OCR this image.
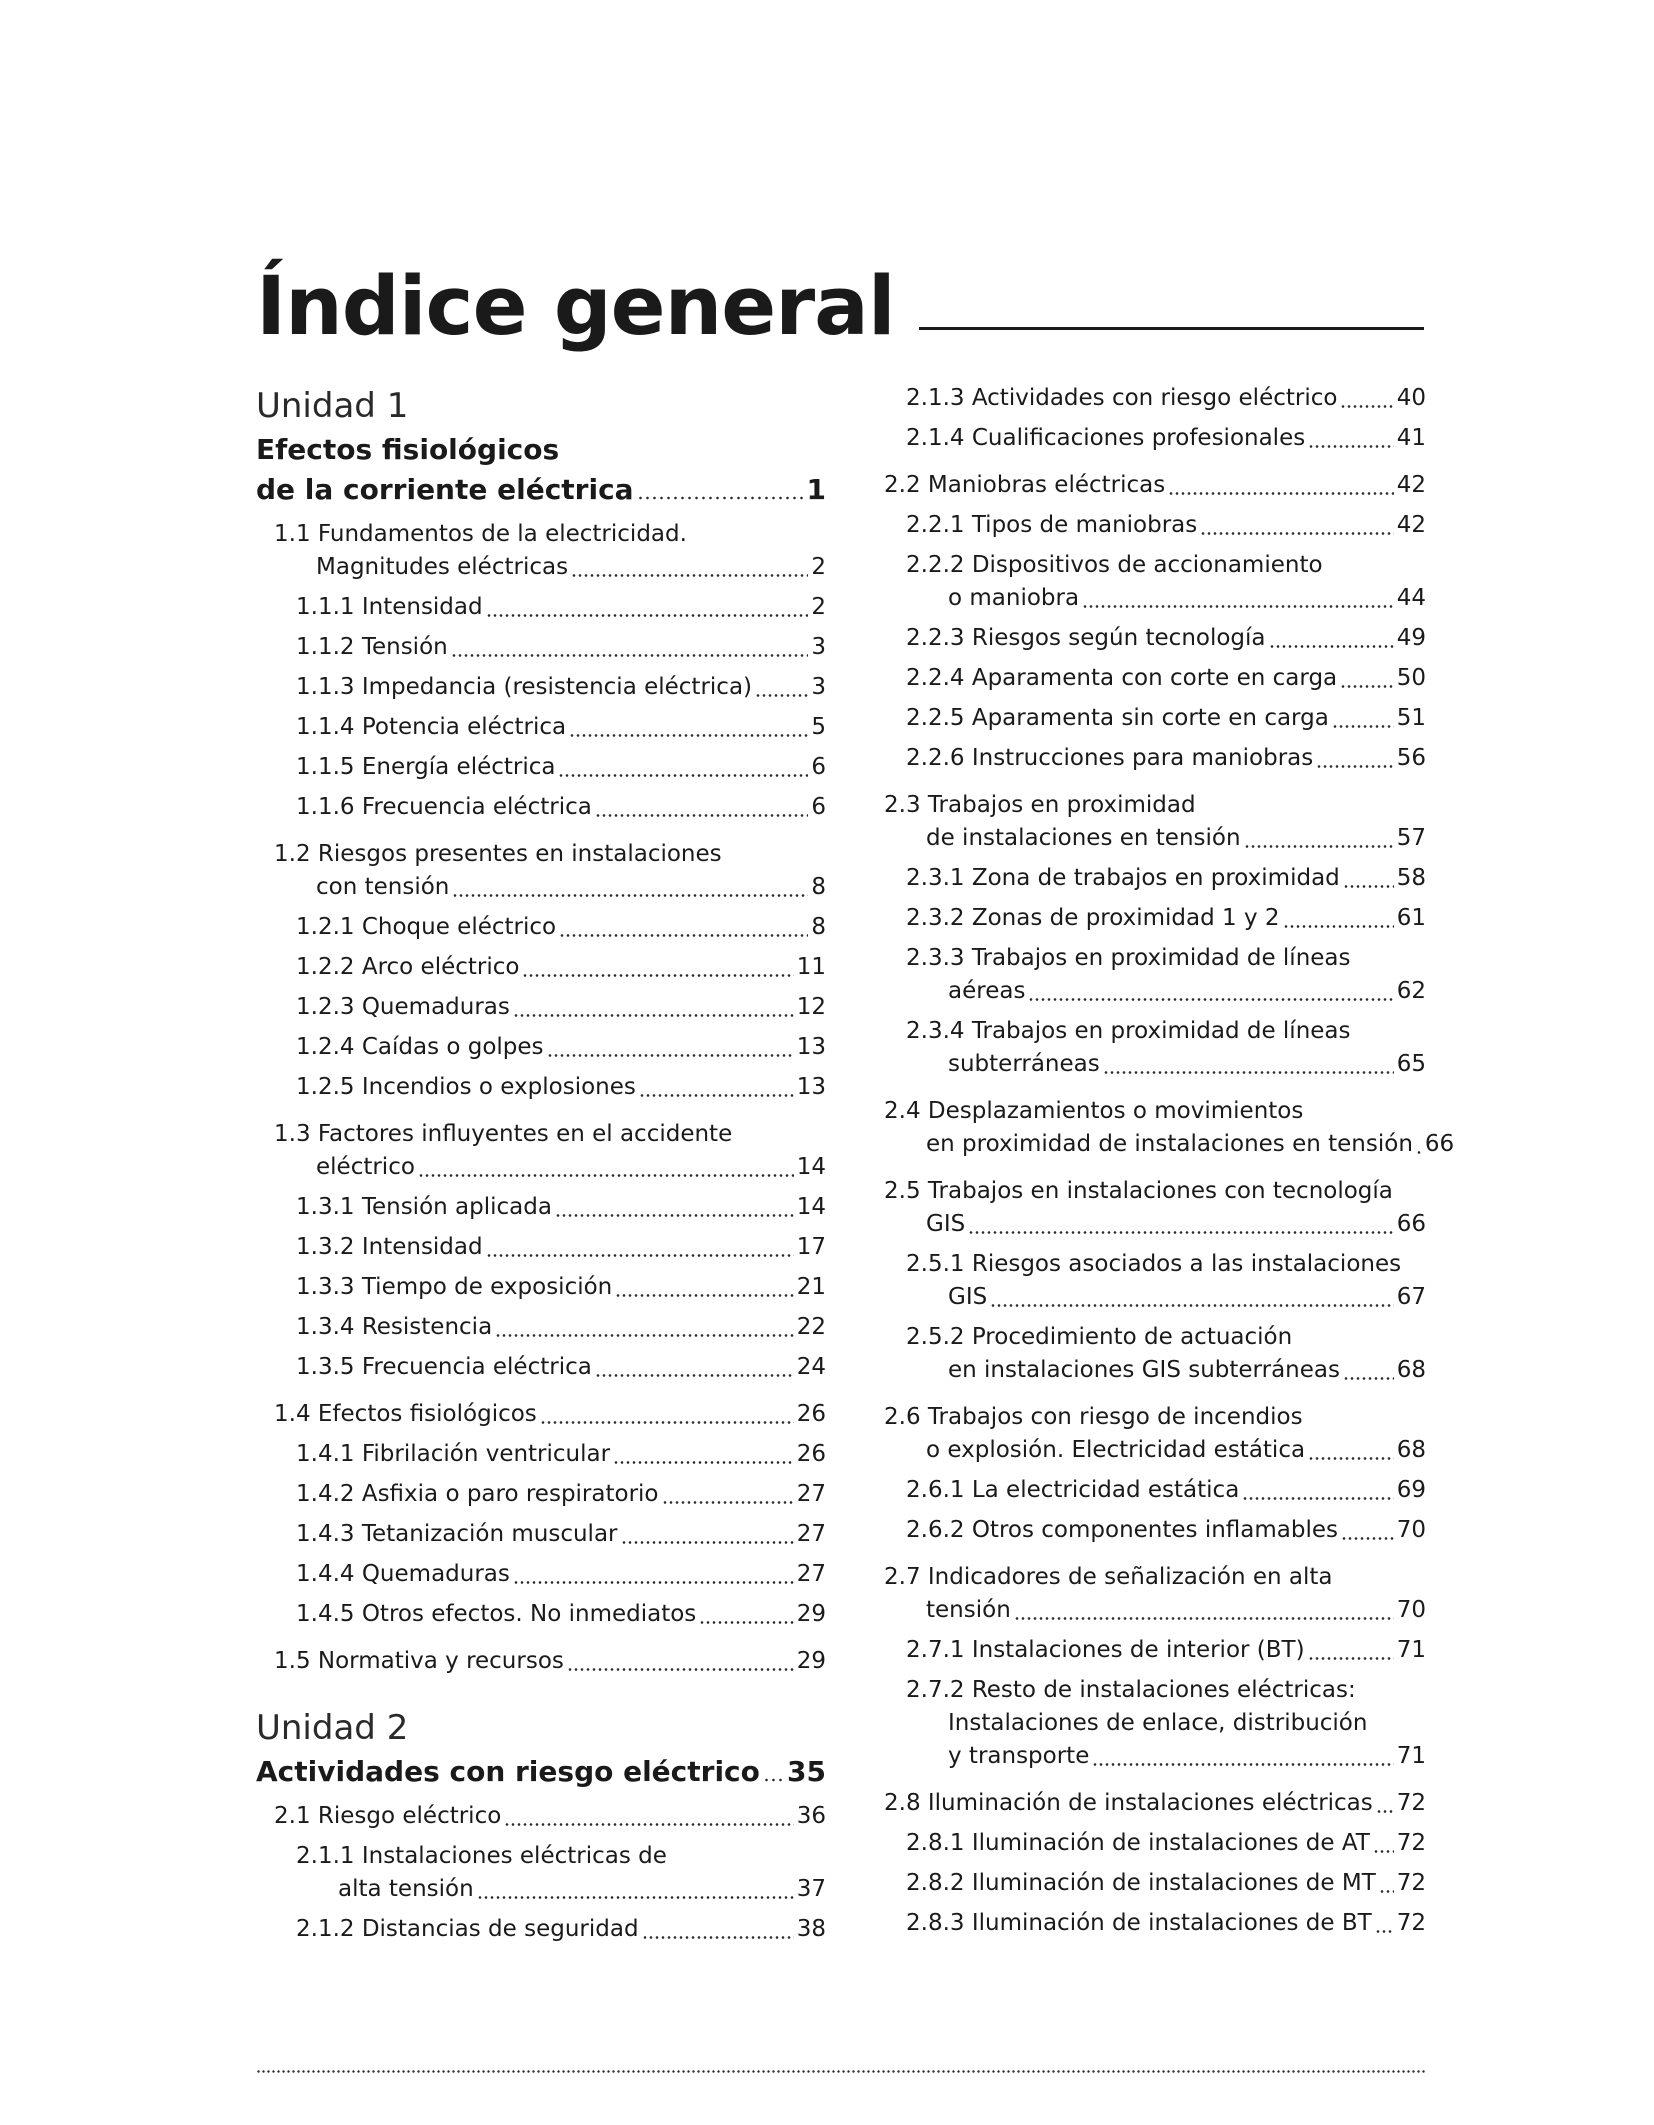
Índice general
Unidad 1
Efectos fisiológicos
de la corriente eléctrica	1
1.1 Fundamentos de la electricidad.
Magnitudes eléctricas	2
1.1.1 Intensidad	2
1.1.2 Tensión	3
1.1.3 Impedancia (resistencia eléctrica)	3
1.1.4 Potencia eléctrica	5
1.1.5 Energía eléctrica	6
1.1.6 Frecuencia eléctrica	6
1.2 Riesgos presentes en instalaciones
con tensión	8
1.2.1 Choque eléctrico	8
1.2.2 Arco eléctrico	11
1.2.3 Quemaduras	12
1.2.4 Caídas o golpes	13
1.2.5 Incendios o explosiones	13
1.3 Factores influyentes en el accidente
eléctrico	14
1.3.1 Tensión aplicada	14
1.3.2 Intensidad	17
1.3.3 Tiempo de exposición	21
1.3.4 Resistencia	22
1.3.5 Frecuencia eléctrica	24
1.4 Efectos fisiológicos	26
1.4.1 Fibrilación ventricular	26
1.4.2 Asfixia o paro respiratorio	27
1.4.3 Tetanización muscular	27
1.4.4 Quemaduras	27
1.4.5 Otros efectos. No inmediatos	29
1.5 Normativa y recursos	29
Unidad 2
Actividades con riesgo eléctrico 35
2.1 Riesgo eléctrico	36
2.1.1 Instalaciones eléctricas de
alta tensión	37
2.1.2 Distancias de seguridad	38
2.1.3 Actividades con riesgo eléctrico	40
2.1.4 Cualificaciones profesionales	41
2.2 Maniobras eléctricas	42
2.2.1 Tipos de maniobras	42
2.2.2 Dispositivos de accionamiento
o maniobra	44
2.2.3 Riesgos según tecnología	49
2.2.4 Aparamenta con corte en carga	50
2.2.5 Aparamenta sin corte en carga	51
2.2.6 Instrucciones para maniobras	56
2.3 Trabajos en proximidad
de instalaciones en tensión	57
2.3.1 Zona de trabajos en proximidad 58
2.3.2 Zonas de proximidad 1 y 2	61
2.3.3 Trabajos en proximidad de líneas
aéreas	62
2.3.4 Trabajos en proximidad de líneas
subterráneas	65
2.4 Desplazamientos o movimientos
en proximidad de instalaciones en tensión 66
2.5 Trabajos en instalaciones con tecnología
GIS	66
2.5.1 Riesgos asociados a las instalaciones
GIS	67
2.5.2 Procedimiento de actuación
en instalaciones GIS subterráneas 68
2.6 Trabajos con riesgo de incendios
o explosión. Electricidad estática	68
2.6.1 La electricidad estática	69
2.6.2 Otros componentes inflamables	70
2.7 Indicadores de señalización en alta
tensión	70
2.7.1 Instalaciones de interior (BT)	71
2.7.2 Resto de instalaciones eléctricas:
Instalaciones de enlace, distribución
y transporte	71
2.8 Iluminación de instalaciones eléctricas 72
2.8.1 Iluminación de instalaciones de AT 72
2.8.2 Iluminación de instalaciones de MT 72
2.8.3 Iluminación de instalaciones de BT 72
